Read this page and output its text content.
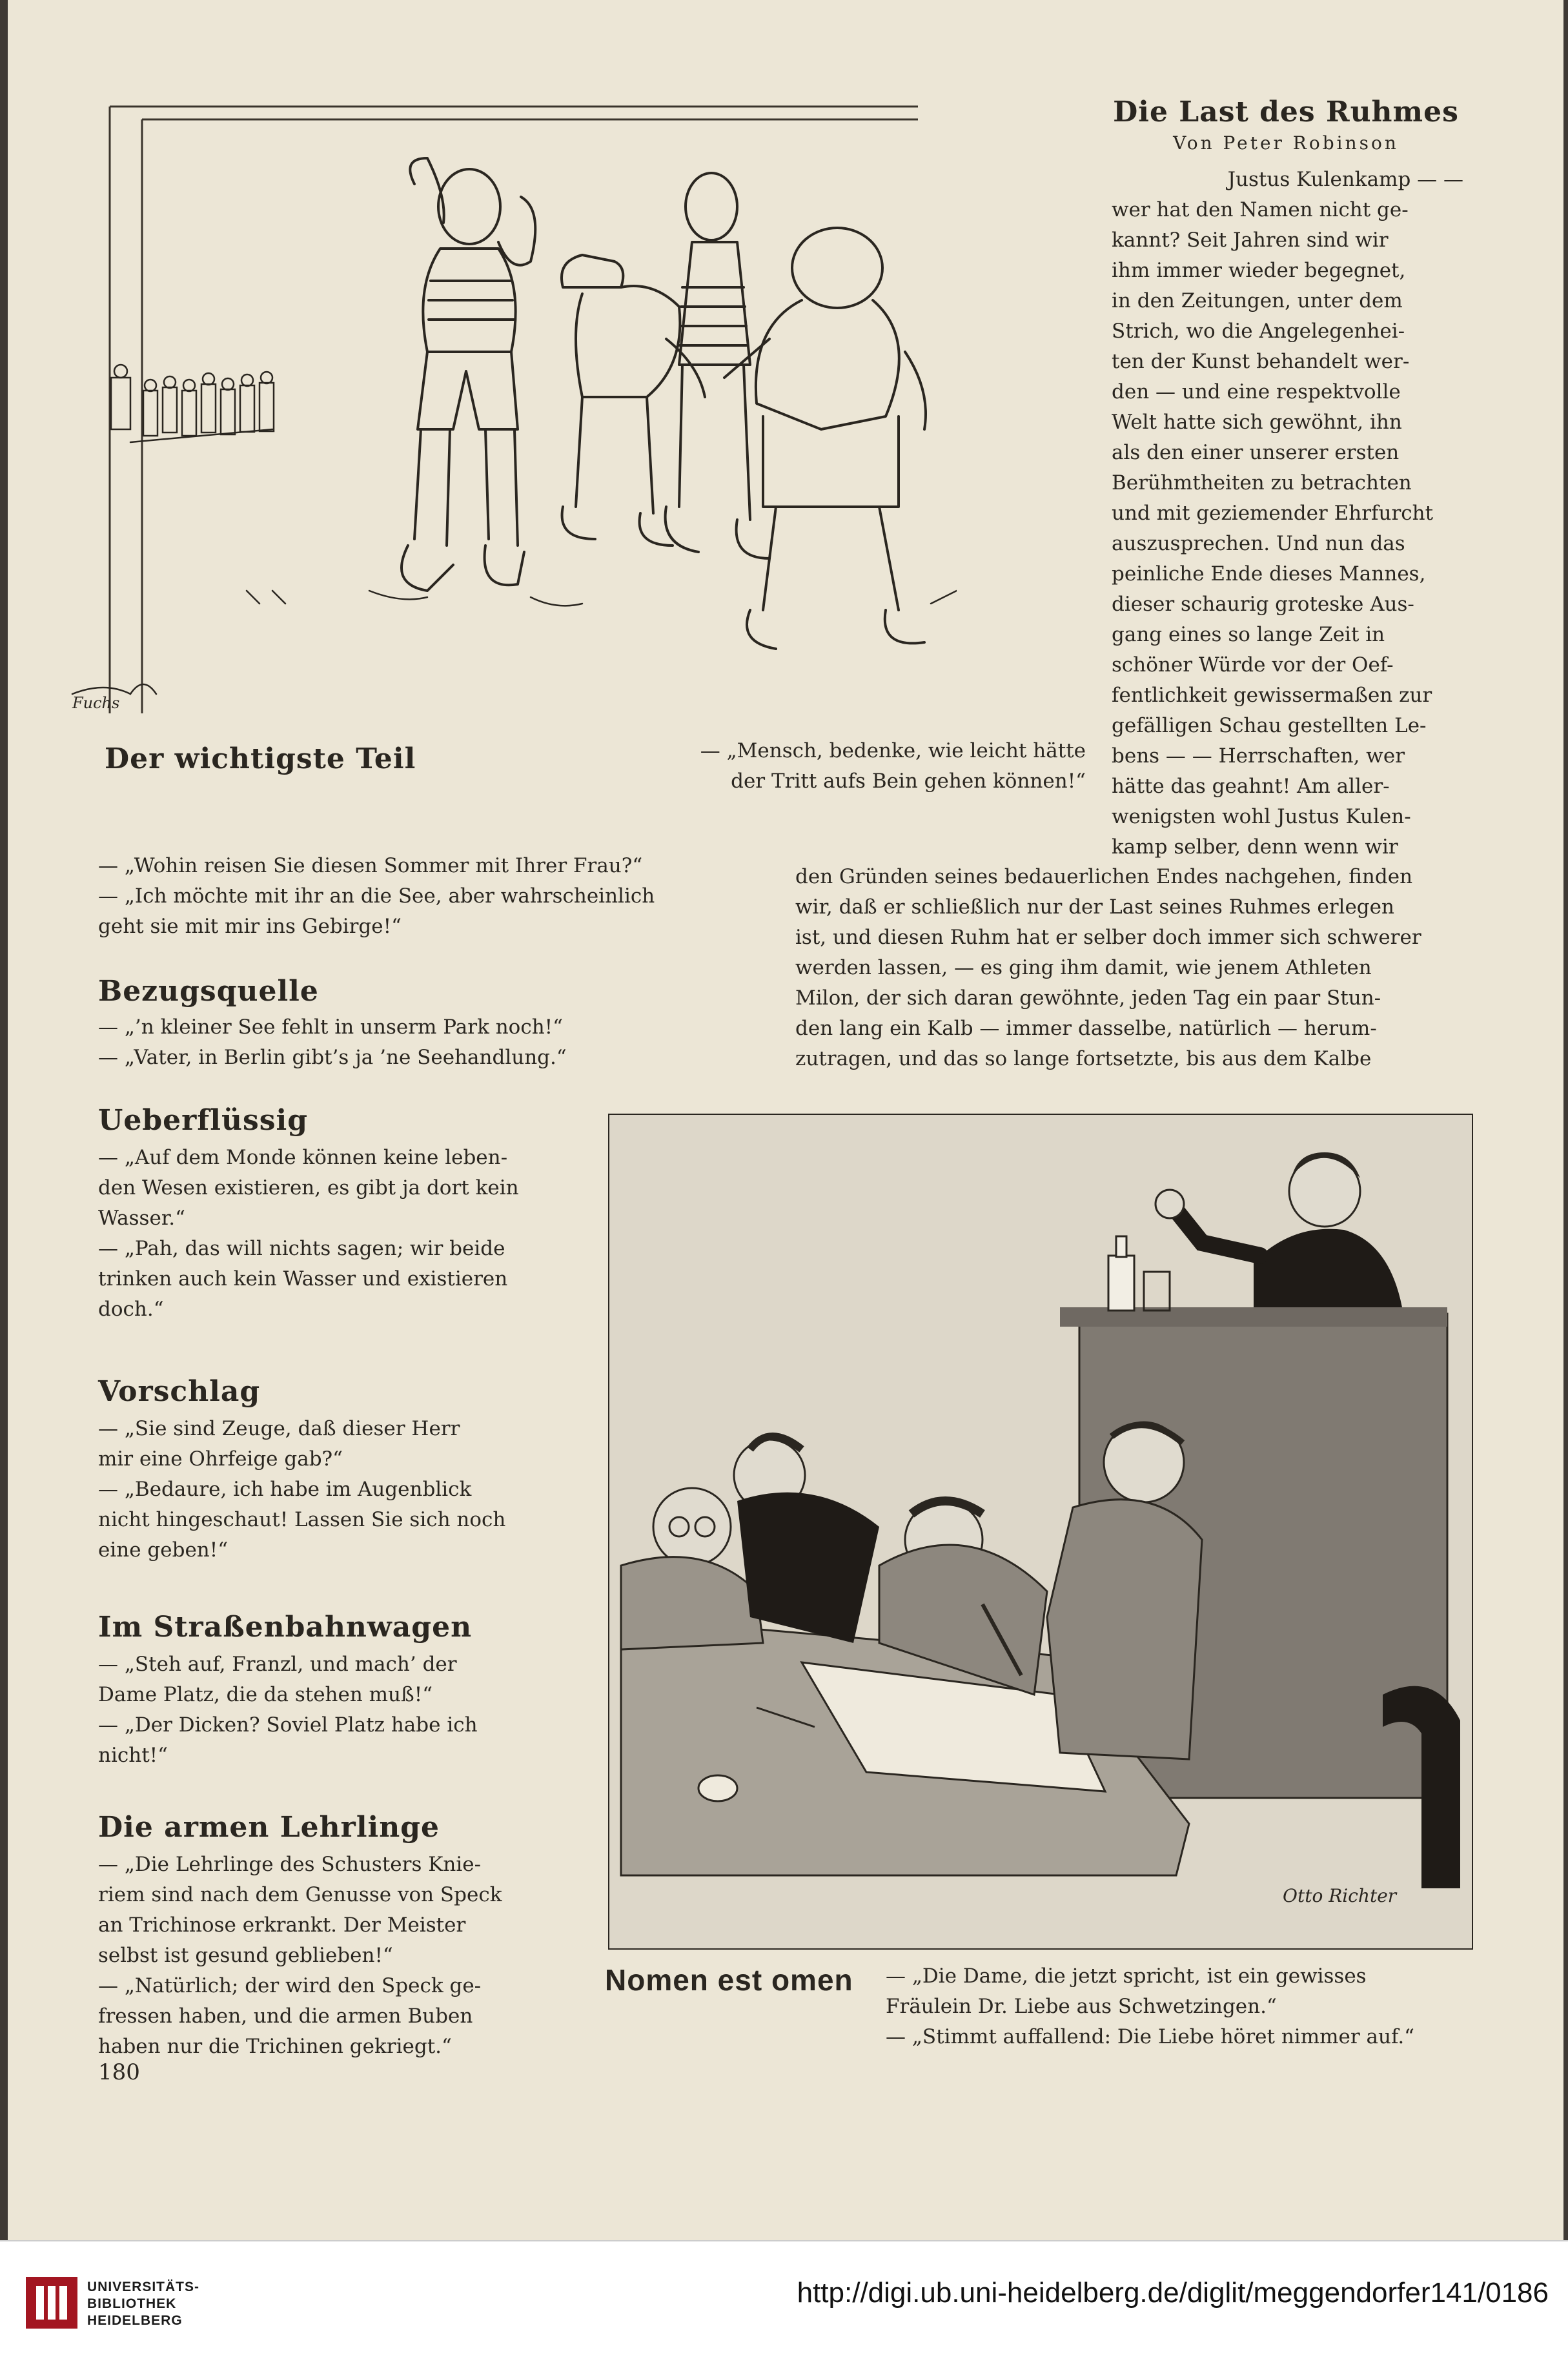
Die Last des Ruhmes
Von Peter Robinson

Justus Kulenkamp — —

wer hat den Namen nicht ge-

kannt? Seit Jahren sind wir

ihm immer wieder begegnet,

in den Zeitungen, unter dem

Strich, wo die Angelegenhei-

ten der Kunst behandelt wer-

den — und eine respektvolle

Welt hatte sich gewöhnt, ihn

als den einer unserer ersten

Berühmtheiten zu betrachten

und mit geziemender Ehrfurcht

auszusprechen. Und nun das

peinliche Ende dieses Mannes,

dieser schaurig groteske Aus-

gang eines so lange Zeit in

schöner Würde vor der Oef-

fentlichkeit gewissermaßen zur

gefälligen Schau gestellten Le-

bens — — Herrschaften, wer

hätte das geahnt! Am aller-

wenigsten wohl Justus Kulen-

kamp selber, denn wenn wir

den Gründen seines bedauerlichen Endes nachgehen, finden

wir, daß er schließlich nur der Last seines Ruhmes erlegen

ist, und diesen Ruhm hat er selber doch immer sich schwerer

werden lassen, — es ging ihm damit, wie jenem Athleten

Milon, der sich daran gewöhnte, jeden Tag ein paar Stun-

den lang ein Kalb — immer dasselbe, natürlich — herum-

zutragen, und das so lange fortsetzte, bis aus dem Kalbe

Der wichtigste Teil	— „Mensch, bedenke, wie leicht hätte

der Tritt aufs Bein gehen können!“

— „Wohin reisen Sie diesen Sommer mit Ihrer Frau?“

— „Ich möchte mit ihr an die See, aber wahrscheinlich

geht sie mit mir ins Gebirge!“

Bezugsquelle

— „’n kleiner See fehlt in unserm Park noch!“

— „Vater, in Berlin gibt’s ja ’ne Seehandlung.“

Ueberflüssig

— „Auf dem Monde können keine leben-

den Wesen existieren, es gibt ja dort kein

Wasser.“

— „Pah, das will nichts sagen; wir beide

trinken auch kein Wasser und existieren

doch.“

Vorschlag

— „Sie sind Zeuge, daß dieser Herr

mir eine Ohrfeige gab?“

— „Bedaure, ich habe im Augenblick

nicht hingeschaut! Lassen Sie sich noch

eine geben!“

Im Straßenbahnwagen

— „Steh auf, Franzl, und mach’ der

Dame Platz, die da stehen muß!“

— „Der Dicken? Soviel Platz habe ich

nicht!“

Die armen Lehrlinge

— „Die Lehrlinge des Schusters Knie-

riem sind nach dem Genusse von Speck

an Trichinose erkrankt. Der Meister

selbst ist gesund geblieben!“

— „Natürlich; der wird den Speck ge-

fressen haben, und die armen Buben

haben nur die Trichinen gekriegt.“

180
Otto Richter
Nomen est omen — „Die Dame, die jetzt spricht, ist ein gewisses

Fräulein Dr. Liebe aus Schwetzingen.“

— „Stimmt auffallend: Die Liebe höret nimmer auf.“

Fuchs
UNIVERSITÄTS-
BIBLIOTHEK
HEIDELBERG
http://digi.ub.uni-heidelberg.de/diglit/meggendorfer141/0186
